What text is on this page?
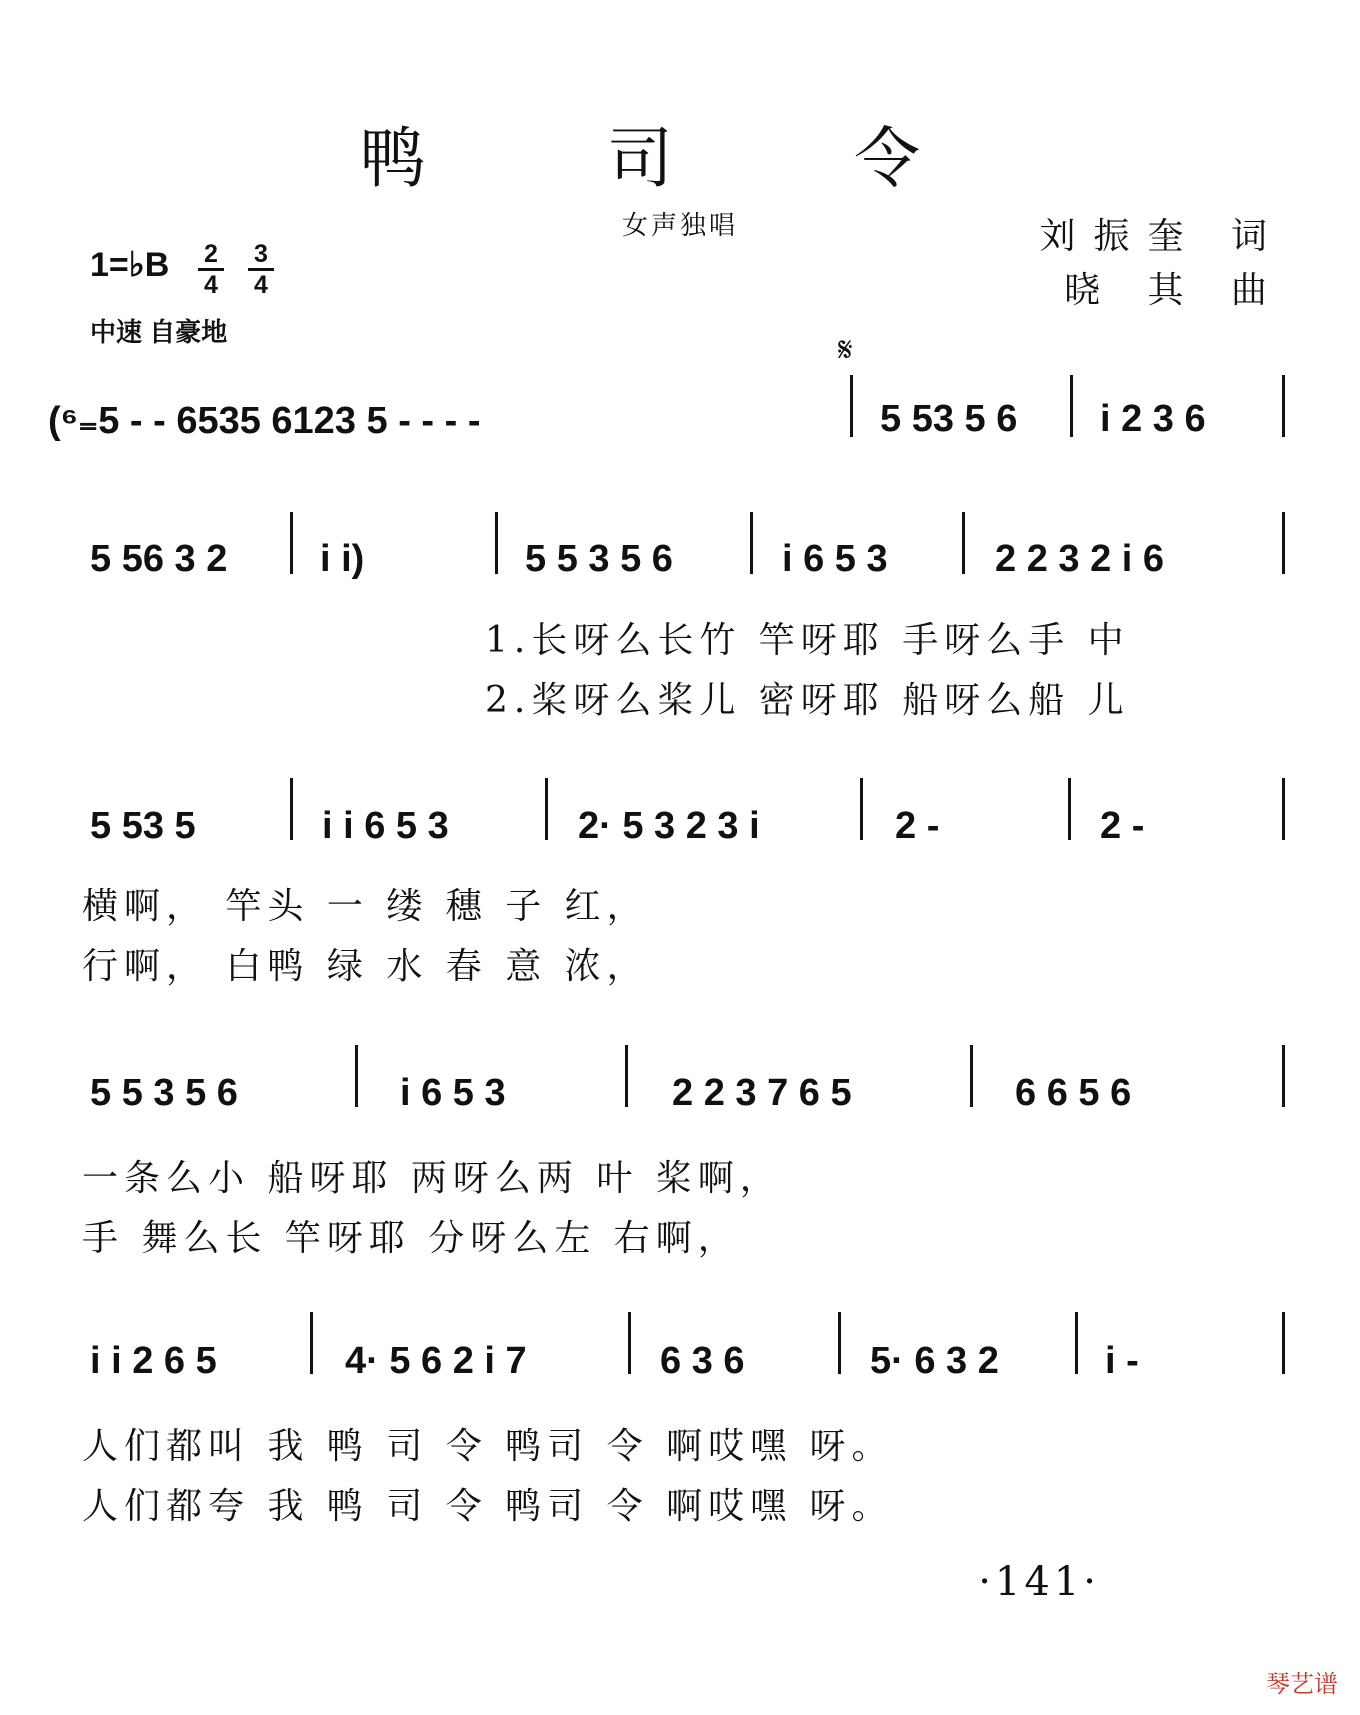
鸭 司 令
女声独唱	刘振奎 词
晓 其 曲
1=♭B 2
4
3
4
中速 自豪地	𝄋
(⁶₌5 - - 6535 6123 5 - - - -	5 53 5 6 i 2 3 6
5 56 3 2 i i)	5 5 3 5 6	i 6 5 3	2 2 3 2 i 6
1.长呀么长竹 竿呀耶 手呀么手 中
2.桨呀么桨儿 密呀耶 船呀么船 儿
5 53 5	i i 6 5 3	2· 5 3 2 3 i	2 -	2 -
横啊， 竿头 一 缕 穗 子 红，
行啊， 白鸭 绿 水 春 意 浓，
5 5 3 5 6	i 6 5 3	2 2 3 7 6 5	6 6 5 6
一条么小 船呀耶 两呀么两 叶 桨啊，
手 舞么长 竿呀耶 分呀么左 右啊，
i i 2 6 5	4· 5 6 2 i 7	6 3 6	5· 6 3 2	i -
人们都叫 我 鸭 司 令 鸭司 令 啊哎嘿 呀。
人们都夸 我 鸭 司 令 鸭司 令 啊哎嘿 呀。
·141·
琴艺谱
